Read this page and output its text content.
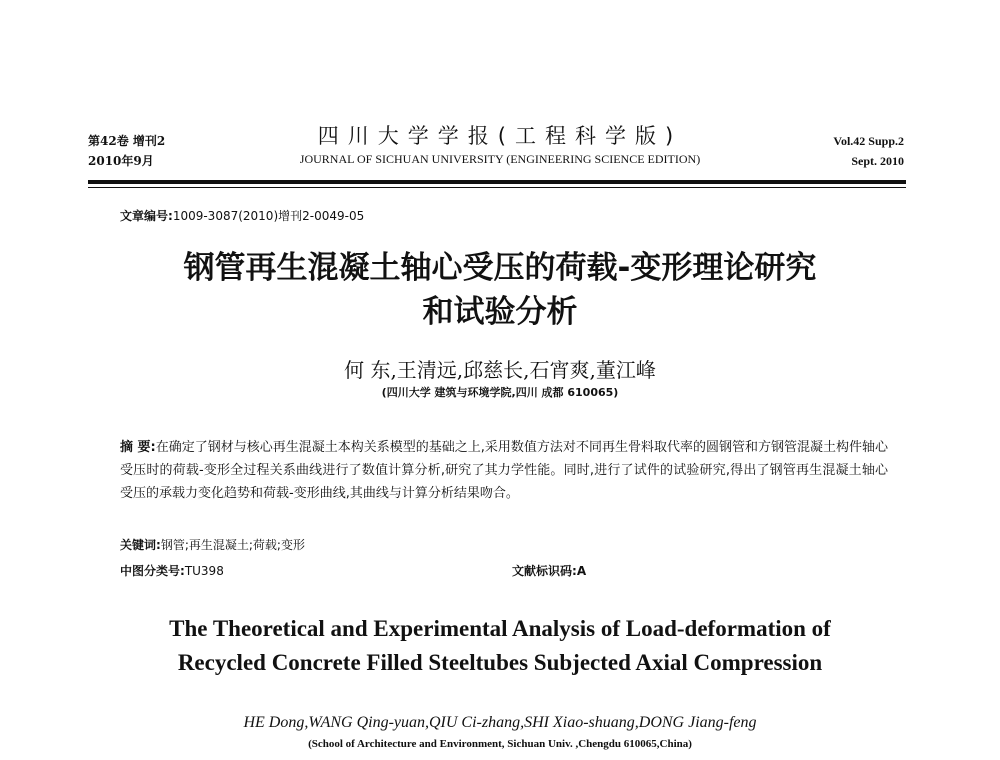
第42卷 增刊2
2010年9月
四川大学学报(工程科学版)
JOURNAL OF SICHUAN UNIVERSITY (ENGINEERING SCIENCE EDITION)
Vol.42 Supp.2
Sept. 2010
文章编号:1009-3087(2010)增刊2-0049-05
钢管再生混凝土轴心受压的荷载-变形理论研究
和试验分析
何 东,王清远,邱慈长,石宵爽,董江峰
(四川大学 建筑与环境学院,四川 成都 610065)
摘 要:在确定了钢材与核心再生混凝土本构关系模型的基础之上,采用数值方法对不同再生骨料取代率的圆钢管和方钢管混凝土构件轴心受压时的荷载-变形全过程关系曲线进行了数值计算分析,研究了其力学性能。同时,进行了试件的试验研究,得出了钢管再生混凝土轴心受压的承载力变化趋势和荷载-变形曲线,其曲线与计算分析结果吻合。
关键词:钢管;再生混凝土;荷载;变形
中图分类号:TU398	文献标识码:A
The Theoretical and Experimental Analysis of Load-deformation of
Recycled Concrete Filled Steeltubes Subjected Axial Compression
HE Dong,WANG Qing-yuan,QIU Ci-zhang,SHI Xiao-shuang,DONG Jiang-feng
(School of Architecture and Environment, Sichuan Univ. ,Chengdu 610065,China)
